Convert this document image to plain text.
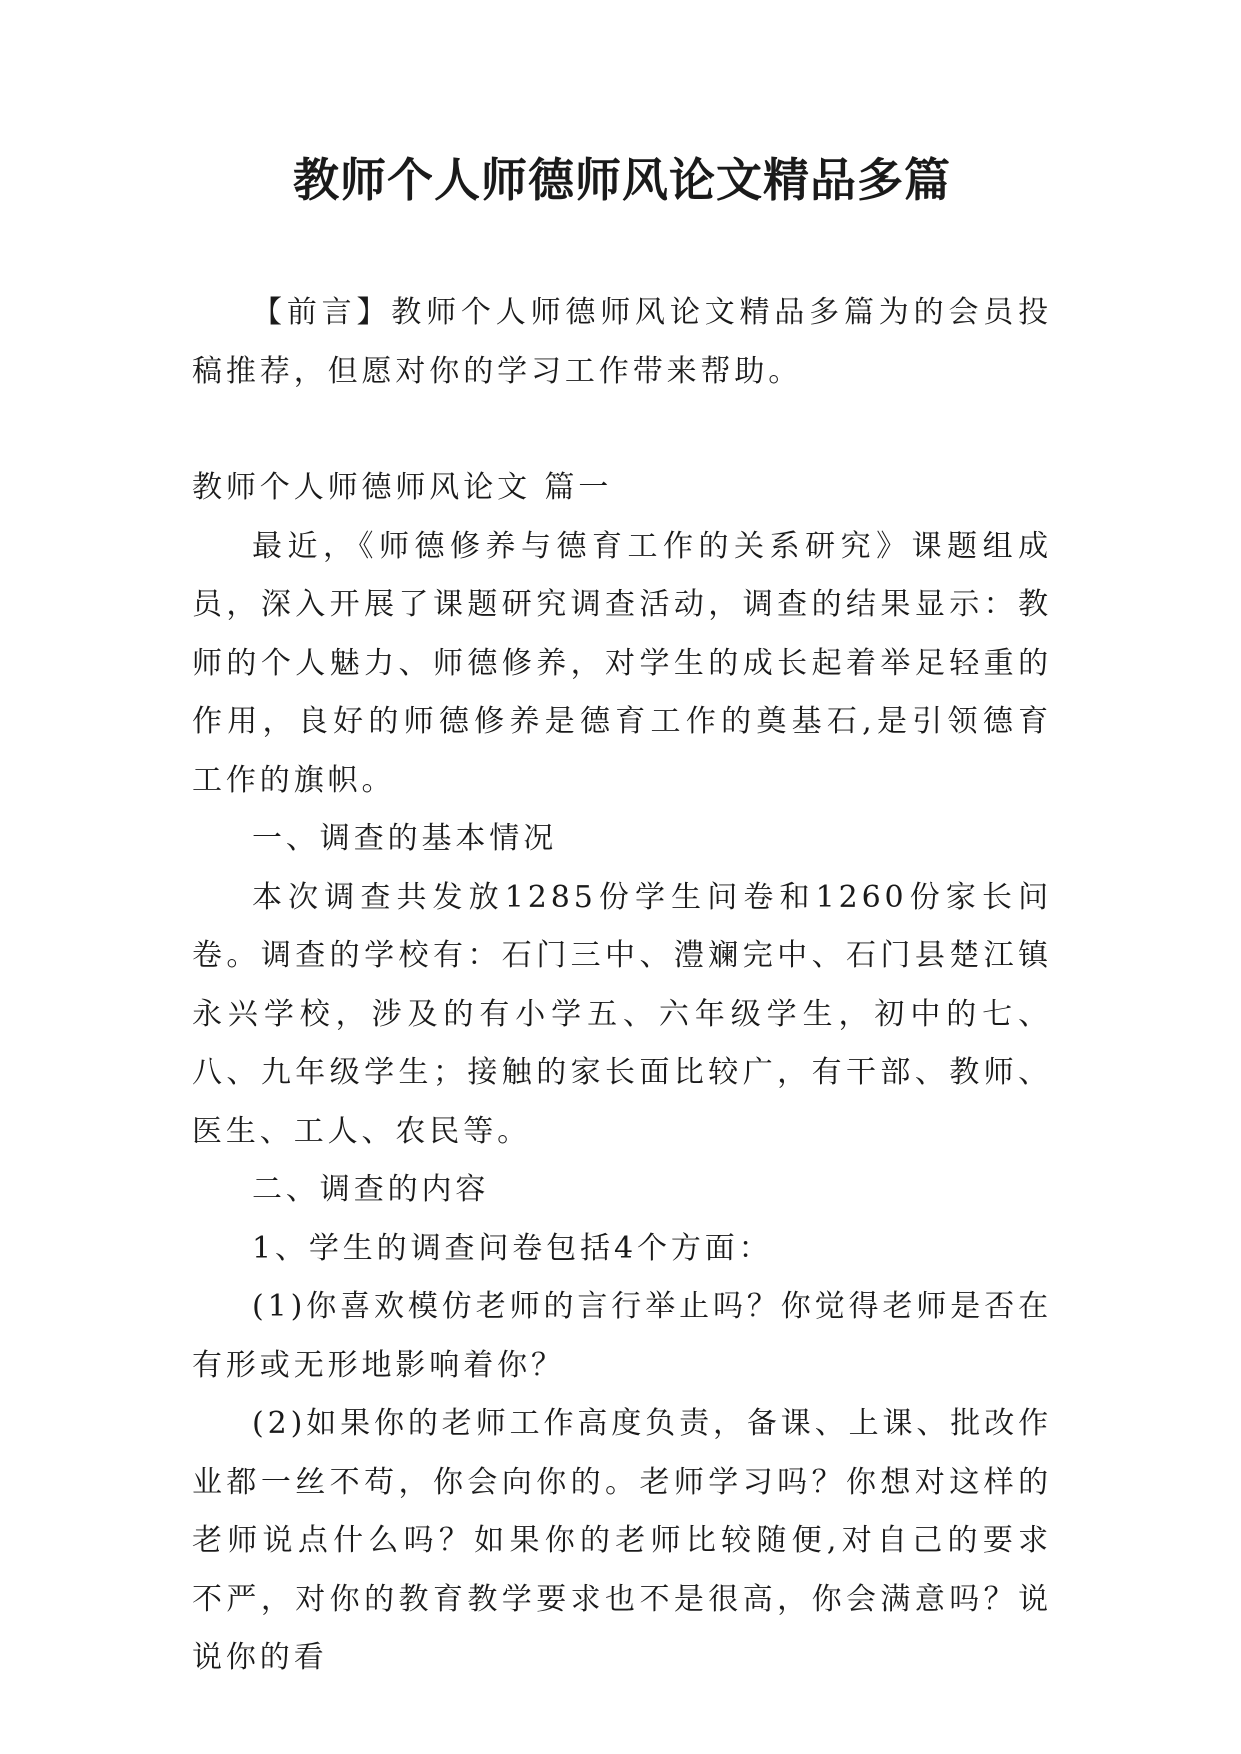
教师个人师德师风论文精品多篇

【前言】教师个人师德师风论文精品多篇为的会员投稿推荐，但愿对你的学习工作带来帮助。

教师个人师德师风论文 篇一

最近，《师德修养与德育工作的关系研究》课题组成员，深入开展了课题研究调查活动，调查的结果显示：教师的个人魅力、师德修养，对学生的成长起着举足轻重的作用，良好的师德修养是德育工作的奠基石,是引领德育工作的旗帜。

一、调查的基本情况

本次调查共发放1285份学生问卷和1260份家长问卷。调查的学校有：石门三中、澧斓完中、石门县楚江镇永兴学校，涉及的有小学五、六年级学生，初中的七、八、九年级学生；接触的家长面比较广，有干部、教师、医生、工人、农民等。

二、调查的内容

1、学生的调查问卷包括4个方面：

(1)你喜欢模仿老师的言行举止吗？你觉得老师是否在有形或无形地影响着你？

(2)如果你的老师工作高度负责，备课、上课、批改作业都一丝不苟，你会向你的。老师学习吗？你想对这样的老师说点什么吗？如果你的老师比较随便,对自己的要求不严，对你的教育教学要求也不是很高，你会满意吗？说说你的看
